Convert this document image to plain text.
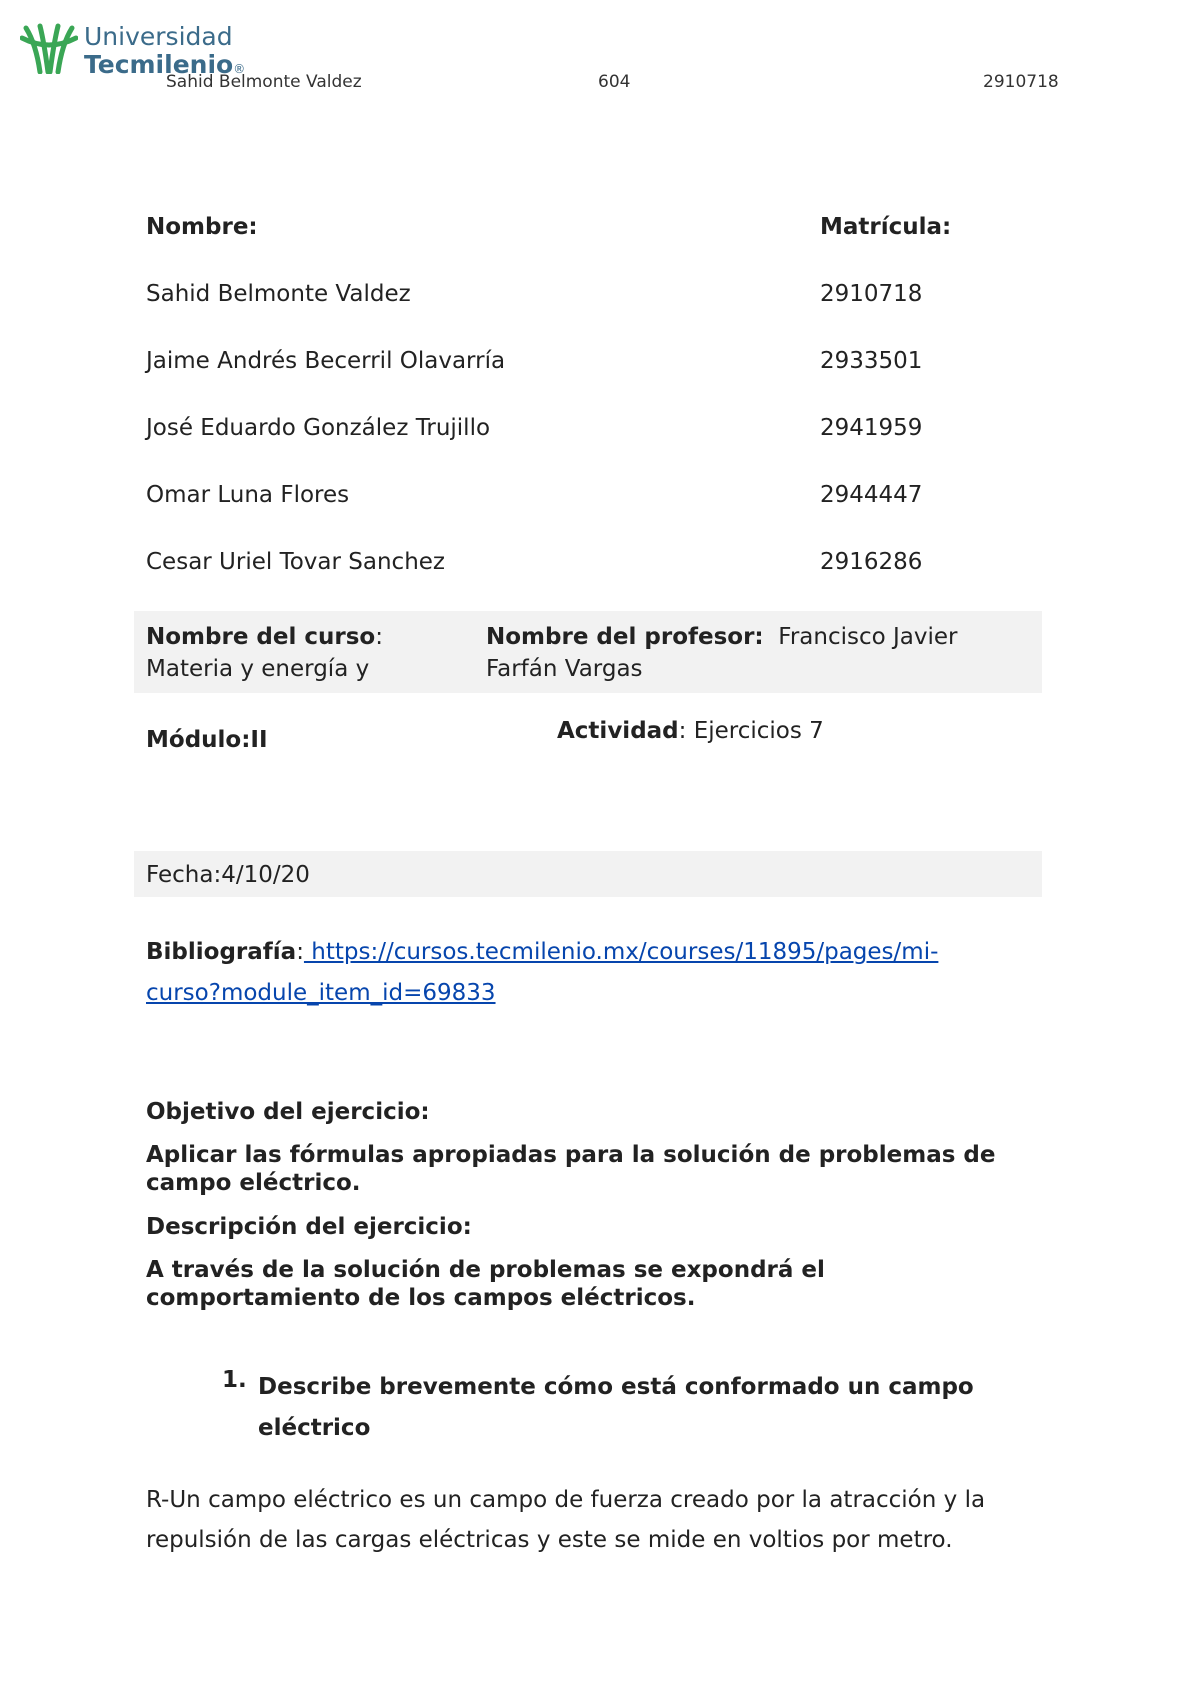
Universidad
Tecmilenio®
Sahid Belmonte Valdez	604	2910718
Nombre:	Matrícula:
Sahid Belmonte Valdez	2910718
Jaime Andrés Becerril Olavarría	2933501
José Eduardo González Trujillo	2941959
Omar Luna Flores	2944447
Cesar Uriel Tovar Sanchez	2916286
Nombre del curso:
Materia y energía y
Nombre del profesor: Francisco Javier
Farfán Vargas
Módulo:II	Actividad: Ejercicios 7
Fecha:4/10/20
Bibliografía: https://cursos.tecmilenio.mx/courses/11895/pages/mi-
curso?module_item_id=69833
Objetivo del ejercicio:
Aplicar las fórmulas apropiadas para la solución de problemas de
campo eléctrico.
Descripción del ejercicio:
A través de la solución de problemas se expondrá el
comportamiento de los campos eléctricos.
1. Describe brevemente cómo está conformado un campo
eléctrico
R-Un campo eléctrico es un campo de fuerza creado por la atracción y la
repulsión de las cargas eléctricas y este se mide en voltios por metro.
